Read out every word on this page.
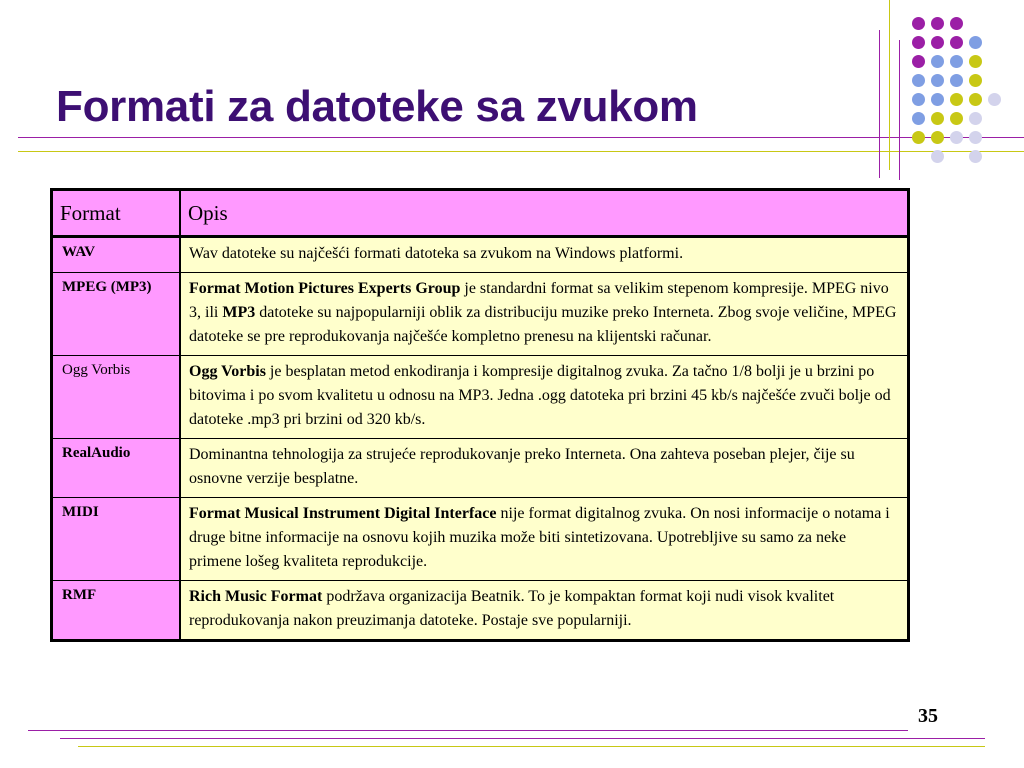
Formati za datoteke sa zvukom
Format	Opis
WAV	Wav datoteke su najčešći formati datoteka sa zvukom na Windows platformi.
MPEG (MP3)	Format Motion Pictures Experts Group je standardni format sa velikim stepenom kompresije. MPEG nivo 3, ili MP3 datoteke su najpopularniji oblik za distribuciju muzike preko Interneta. Zbog svoje veličine, MPEG datoteke se pre reprodukovanja najčešće kompletno prenesu na klijentski računar.
Ogg Vorbis	Ogg Vorbis je besplatan metod enkodiranja i kompresije digitalnog zvuka. Za tačno 1/8 bolji je u brzini po bitovima i po svom kvalitetu u odnosu na MP3. Jedna .ogg datoteka pri brzini 45 kb/s najčešće zvuči bolje od datoteke .mp3 pri brzini od 320 kb/s.
RealAudio	Dominantna tehnologija za strujeće reprodukovanje preko Interneta. Ona zahteva poseban plejer, čije su osnovne verzije besplatne.
MIDI	Format Musical Instrument Digital Interface nije format digitalnog zvuka. On nosi informacije o notama i druge bitne informacije na osnovu kojih muzika može biti sintetizovana. Upotrebljive su samo za neke primene lošeg kvaliteta reprodukcije.
RMF	Rich Music Format podržava organizacija Beatnik. To je kompaktan format koji nudi visok kvalitet reprodukovanja nakon preuzimanja datoteke. Postaje sve popularniji.
35
